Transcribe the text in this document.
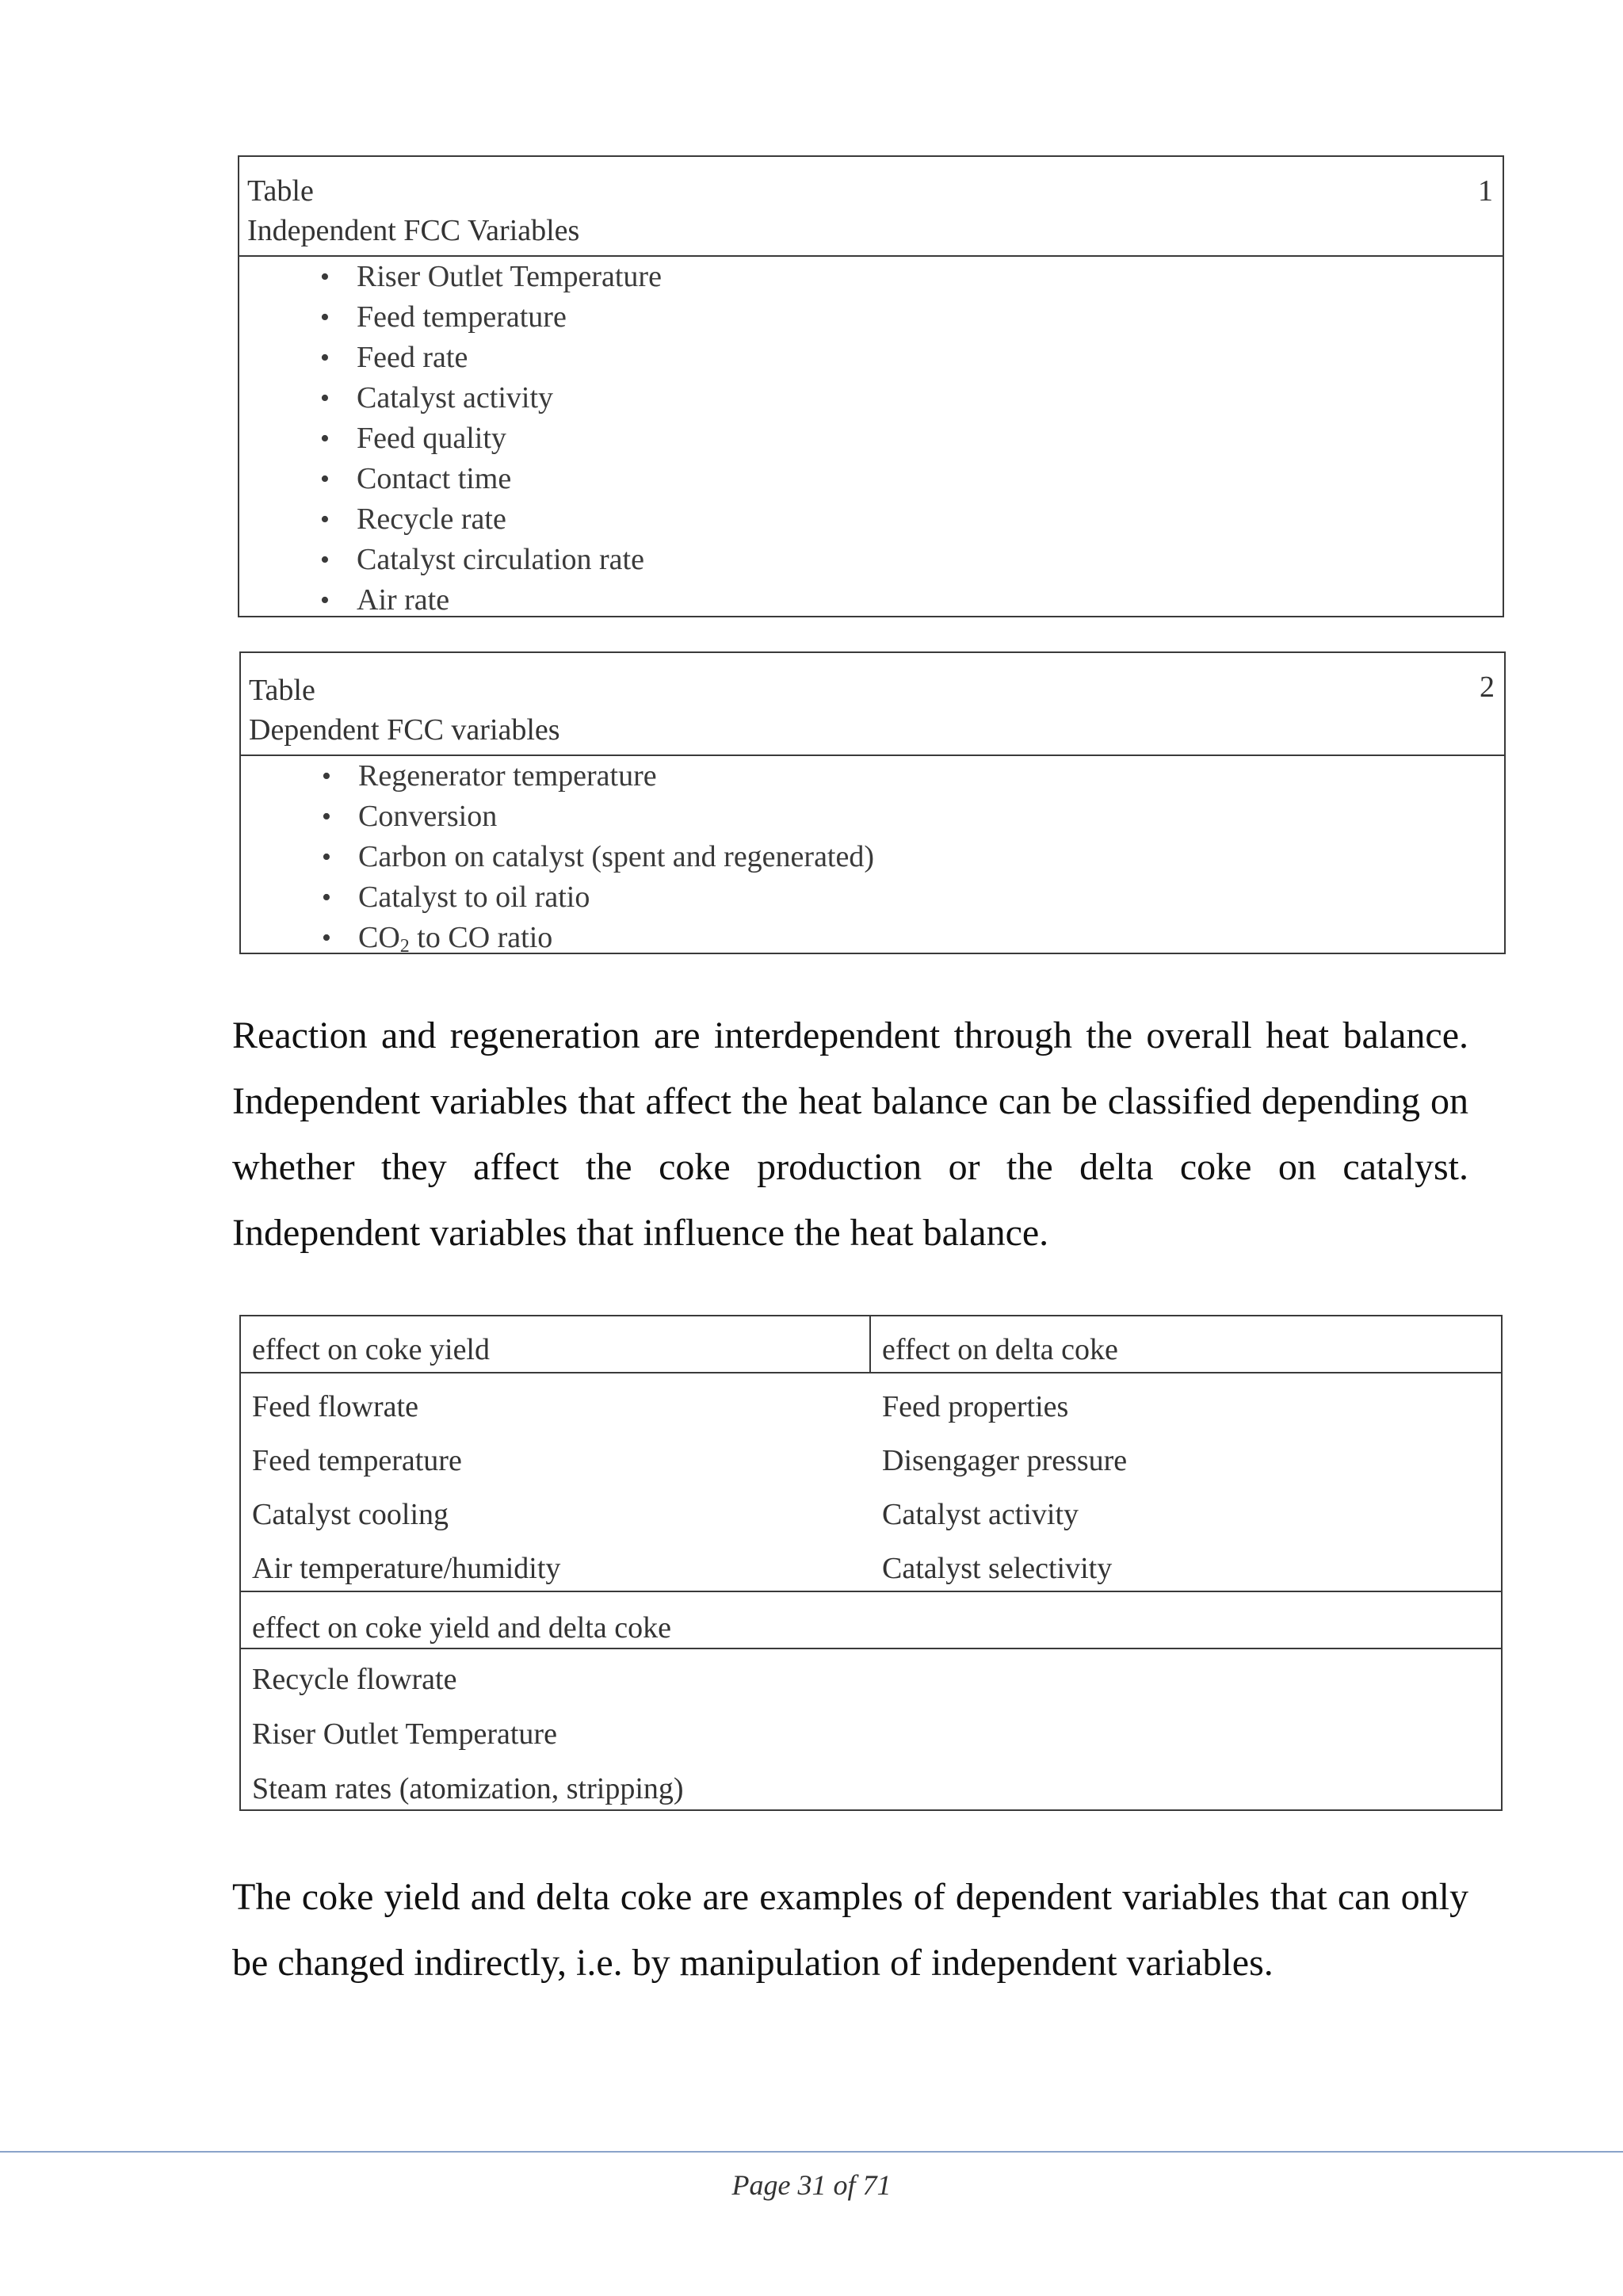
Table
Independent FCC Variables
1
• Riser Outlet Temperature
• Feed temperature
• Feed rate
• Catalyst activity
• Feed quality
• Contact time
• Recycle rate
• Catalyst circulation rate
• Air rate
Table
Dependent FCC variables
2
• Regenerator temperature
• Conversion
• Carbon on catalyst (spent and regenerated)
• Catalyst to oil ratio
• $CO_2$ to CO ratio

Reaction and regeneration are interdependent through the overall heat balance. Independent variables that affect the heat balance can be classified depending on whether they affect the coke production or the delta coke on catalyst. Independent variables that influence the heat balance.

effect on coke yield	effect on delta coke
Feed flowrate
Feed temperature
Catalyst cooling
Air temperature/humidity
Feed properties
Disengager pressure
Catalyst activity
Catalyst selectivity
effect on coke yield and delta coke
Recycle flowrate
Riser Outlet Temperature
Steam rates (atomization, stripping)

The coke yield and delta coke are examples of dependent variables that can only be changed indirectly, i.e. by manipulation of independent variables.

Page 31 of 71
